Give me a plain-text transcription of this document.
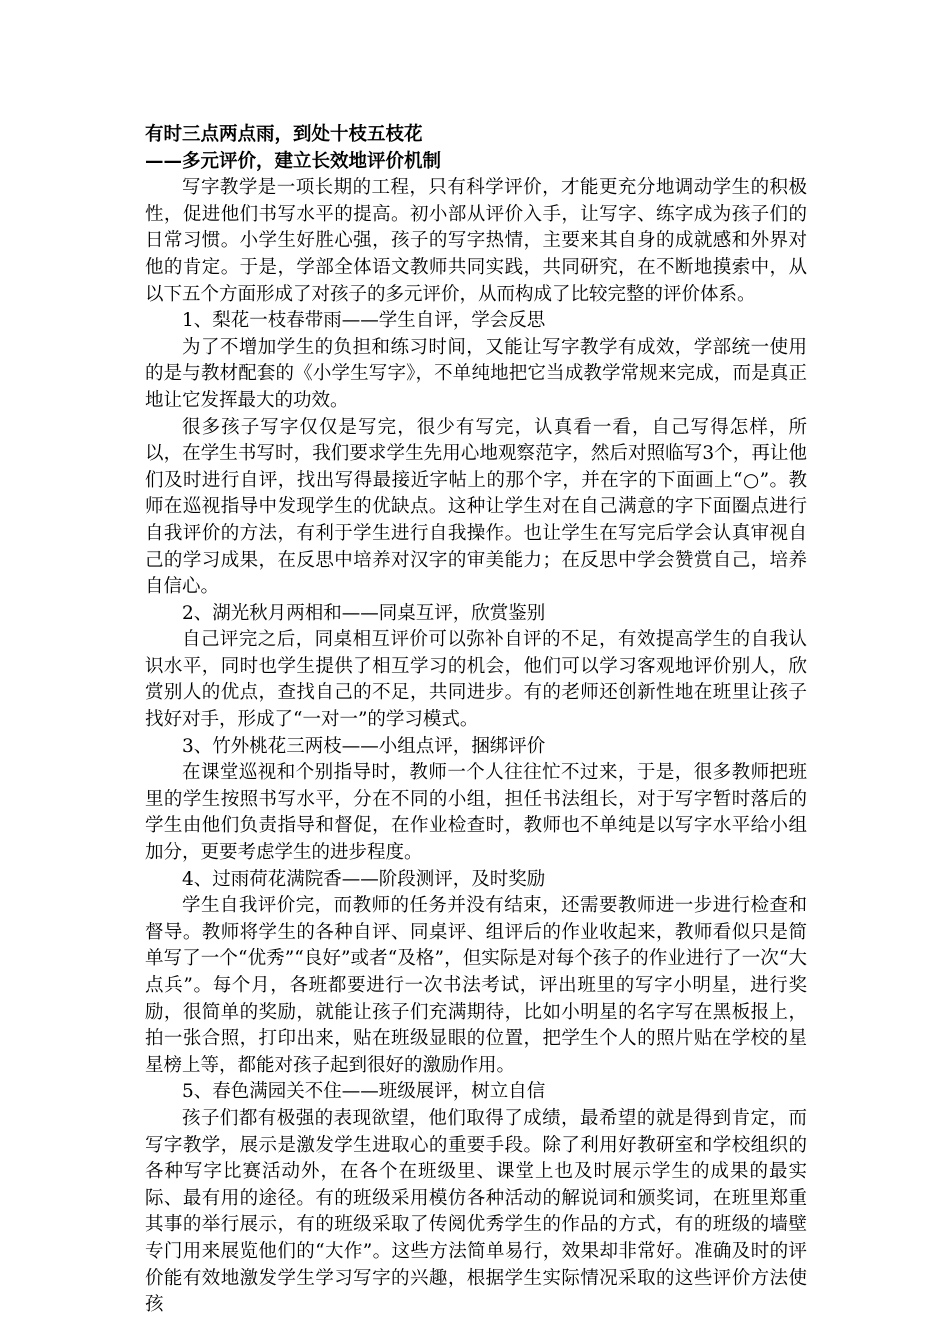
有时三点两点雨，到处十枝五枝花
——多元评价，建立长效地评价机制

写字教学是一项长期的工程，只有科学评价，才能更充分地调动学生的积极性，促进他们书写水平的提高。初小部从评价入手，让写字、练字成为孩子们的日常习惯。小学生好胜心强，孩子的写字热情，主要来其自身的成就感和外界对他的肯定。于是，学部全体语文教师共同实践，共同研究，在不断地摸索中，从以下五个方面形成了对孩子的多元评价，从而构成了比较完整的评价体系。

1、梨花一枝春带雨——学生自评，学会反思

为了不增加学生的负担和练习时间，又能让写字教学有成效，学部统一使用的是与教材配套的《小学生写字》，不单纯地把它当成教学常规来完成，而是真正地让它发挥最大的功效。

很多孩子写字仅仅是写完，很少有写完，认真看一看，自己写得怎样，所以，在学生书写时，我们要求学生先用心地观察范字，然后对照临写3个，再让他们及时进行自评，找出写得最接近字帖上的那个字，并在字的下面画上“○”。教师在巡视指导中发现学生的优缺点。这种让学生对在自己满意的字下面圈点进行自我评价的方法，有利于学生进行自我操作。也让学生在写完后学会认真审视自己的学习成果，在反思中培养对汉字的审美能力；在反思中学会赞赏自己，培养自信心。

2、湖光秋月两相和——同桌互评，欣赏鉴别

自己评完之后，同桌相互评价可以弥补自评的不足，有效提高学生的自我认识水平，同时也学生提供了相互学习的机会，他们可以学习客观地评价别人，欣赏别人的优点，查找自己的不足，共同进步。有的老师还创新性地在班里让孩子找好对手，形成了“一对一”的学习模式。

3、竹外桃花三两枝——小组点评，捆绑评价

在课堂巡视和个别指导时，教师一个人往往忙不过来，于是，很多教师把班里的学生按照书写水平，分在不同的小组，担任书法组长，对于写字暂时落后的学生由他们负责指导和督促，在作业检查时，教师也不单纯是以写字水平给小组加分，更要考虑学生的进步程度。

4、过雨荷花满院香——阶段测评，及时奖励

学生自我评价完，而教师的任务并没有结束，还需要教师进一步进行检查和督导。教师将学生的各种自评、同桌评、组评后的作业收起来，教师看似只是简单写了一个“优秀”“良好”或者“及格”，但实际是对每个孩子的作业进行了一次“大点兵”。每个月，各班都要进行一次书法考试，评出班里的写字小明星，进行奖励，很简单的奖励，就能让孩子们充满期待，比如小明星的名字写在黑板报上，拍一张合照，打印出来，贴在班级显眼的位置，把学生个人的照片贴在学校的星星榜上等，都能对孩子起到很好的激励作用。

5、春色满园关不住——班级展评，树立自信

孩子们都有极强的表现欲望，他们取得了成绩，最希望的就是得到肯定，而写字教学，展示是激发学生进取心的重要手段。除了利用好教研室和学校组织的各种写字比赛活动外，在各个在班级里、课堂上也及时展示学生的成果的最实际、最有用的途径。有的班级采用模仿各种活动的解说词和颁奖词，在班里郑重其事的举行展示，有的班级采取了传阅优秀学生的作品的方式，有的班级的墙壁专门用来展览他们的“大作”。这些方法简单易行，效果却非常好。准确及时的评价能有效地激发学生学习写字的兴趣，根据学生实际情况采取的这些评价方法使孩
